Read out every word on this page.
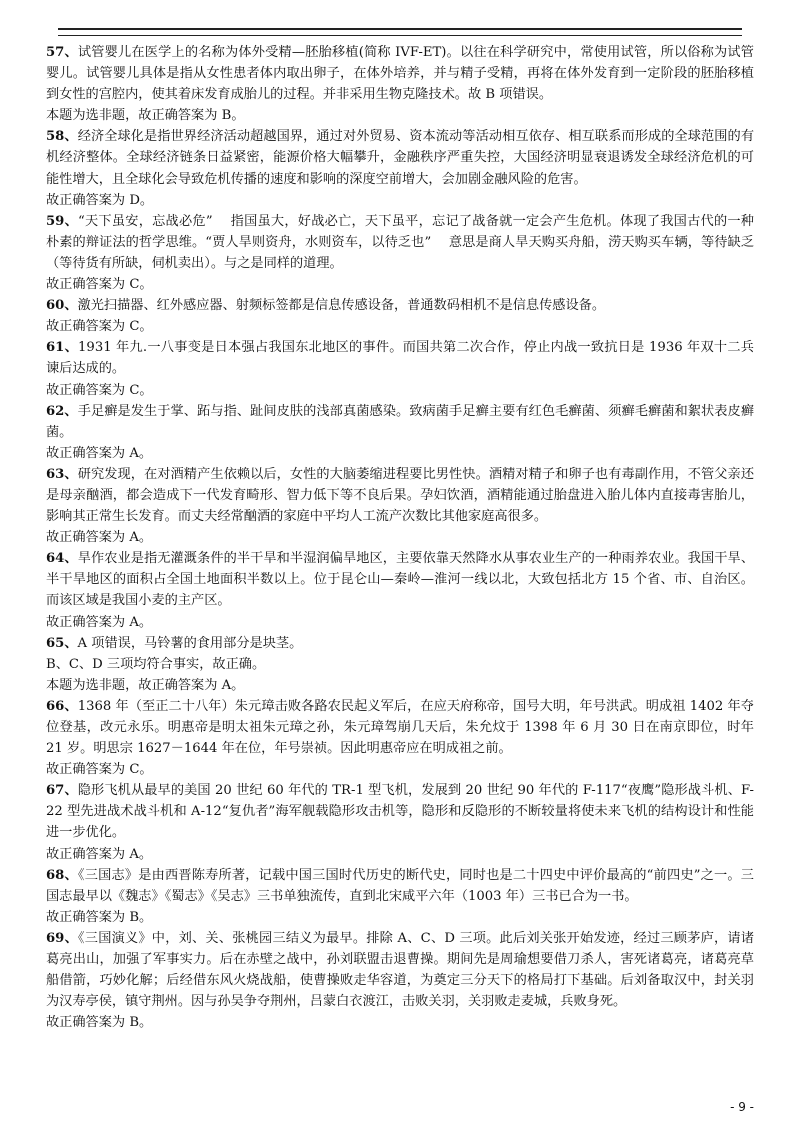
57、试管婴儿在医学上的名称为体外受精—胚胎移植(简称 IVF-ET)。以往在科学研究中，常使用试管，所以俗称为试管婴儿。试管婴儿具体是指从女性患者体内取出卵子，在体外培养，并与精子受精，再将在体外发育到一定阶段的胚胎移植到女性的宫腔内，使其着床发育成胎儿的过程。并非采用生物克隆技术。故 B 项错误。

本题为选非题，故正确答案为 B。

58、经济全球化是指世界经济活动超越国界，通过对外贸易、资本流动等活动相互依存、相互联系而形成的全球范围的有机经济整体。全球经济链条日益紧密，能源价格大幅攀升，金融秩序严重失控，大国经济明显衰退诱发全球经济危机的可能性增大，且全球化会导致危机传播的速度和影响的深度空前增大，会加剧金融风险的危害。

故正确答案为 D。

59、“天下虽安，忘战必危”　 指国虽大，好战必亡，天下虽平，忘记了战备就一定会产生危机。体现了我国古代的一种朴素的辩证法的哲学思维。“贾人旱则资舟，水则资车，以待乏也”　 意思是商人旱天购买舟船，涝天购买车辆，等待缺乏（等待货有所缺，伺机卖出）。与之是同样的道理。

故正确答案为 C。

60、激光扫描器、红外感应器、射频标签都是信息传感设备，普通数码相机不是信息传感设备。

故正确答案为 C。

61、1931 年九.一八事变是日本强占我国东北地区的事件。而国共第二次合作，停止内战一致抗日是 1936 年双十二兵谏后达成的。

故正确答案为 C。

62、手足癣是发生于掌、跖与指、趾间皮肤的浅部真菌感染。致病菌手足癣主要有红色毛癣菌、须癣毛癣菌和絮状表皮癣菌。

故正确答案为 A。

63、研究发现，在对酒精产生依赖以后，女性的大脑萎缩进程要比男性快。酒精对精子和卵子也有毒副作用，不管父亲还是母亲酗酒，都会造成下一代发育畸形、智力低下等不良后果。孕妇饮酒，酒精能通过胎盘进入胎儿体内直接毒害胎儿，影响其正常生长发育。而丈夫经常酗酒的家庭中平均人工流产次数比其他家庭高很多。

故正确答案为 A。

64、旱作农业是指无灌溉条件的半干旱和半湿润偏旱地区，主要依靠天然降水从事农业生产的一种雨养农业。我国干旱、半干旱地区的面积占全国土地面积半数以上。位于昆仑山—秦岭—淮河一线以北，大致包括北方 15 个省、市、自治区。而该区域是我国小麦的主产区。

故正确答案为 A。

65、A 项错误，马铃薯的食用部分是块茎。

B、C、D 三项均符合事实，故正确。

本题为选非题，故正确答案为 A。

66、1368 年（至正二十八年）朱元璋击败各路农民起义军后，在应天府称帝，国号大明，年号洪武。明成祖 1402 年夺位登基，改元永乐。明惠帝是明太祖朱元璋之孙，朱元璋驾崩几天后，朱允炆于 1398 年 6 月 30 日在南京即位，时年 21 岁。明思宗 1627－1644 年在位，年号崇祯。因此明惠帝应在明成祖之前。

故正确答案为 C。

67、隐形飞机从最早的美国 20 世纪 60 年代的 TR-1 型飞机，发展到 20 世纪 90 年代的 F-117“夜鹰”隐形战斗机、F-22 型先进战术战斗机和 A-12“复仇者”海军舰载隐形攻击机等，隐形和反隐形的不断较量将使未来飞机的结构设计和性能进一步优化。

故正确答案为 A。

68、《三国志》是由西晋陈寿所著，记载中国三国时代历史的断代史，同时也是二十四史中评价最高的“前四史”之一。三国志最早以《魏志》《蜀志》《吴志》三书单独流传，直到北宋咸平六年（1003 年）三书已合为一书。

故正确答案为 B。

69、《三国演义》中，刘、关、张桃园三结义为最早。排除 A、C、D 三项。此后刘关张开始发迹，经过三顾茅庐，请诸葛亮出山，加强了军事实力。后在赤壁之战中，孙刘联盟击退曹操。期间先是周瑜想要借刀杀人，害死诸葛亮，诸葛亮草船借箭，巧妙化解；后经借东风火烧战船，使曹操败走华容道，为奠定三分天下的格局打下基础。后刘备取汉中，封关羽为汉寿亭侯，镇守荆州。因与孙吴争夺荆州，吕蒙白衣渡江，击败关羽，关羽败走麦城，兵败身死。

故正确答案为 B。

- 9 -
